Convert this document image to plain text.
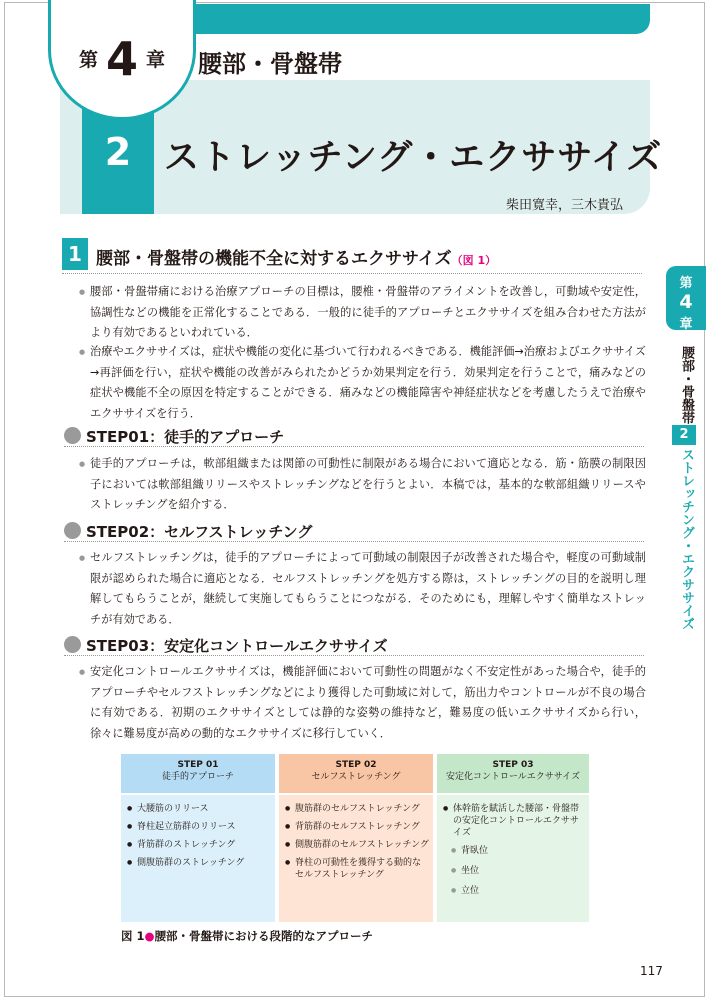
第 4 章 腰部・骨盤帯
2 ストレッチング・エクササイズ
柴田寛幸，三木貴弘
第
4
章
腰部・骨盤帯
2
ストレッチング・エクササイズ
1 腰部・骨盤帯の機能不全に対するエクササイズ（図 1）
● 腰部・骨盤帯痛における治療アプローチの目標は，腰椎・骨盤帯のアライメントを改善し，可動域や安定性，協調性などの機能を正常化することである．一般的に徒手的アプローチとエクササイズを組み合わせた方法がより有効であるといわれている．
● 治療やエクササイズは，症状や機能の変化に基づいて行われるべきである．機能評価→治療およびエクササイズ→再評価を行い，症状や機能の改善がみられたかどうか効果判定を行う．効果判定を行うことで，痛みなどの症状や機能不全の原因を特定することができる．痛みなどの機能障害や神経症状などを考慮したうえで治療やエクササイズを行う．
STEP01：徒手的アプローチ
● 徒手的アプローチは，軟部組織または関節の可動性に制限がある場合において適応となる．筋・筋膜の制限因子においては軟部組織リリースやストレッチングなどを行うとよい．本稿では，基本的な軟部組織リリースやストレッチングを紹介する．
STEP02：セルフストレッチング
● セルフストレッチングは，徒手的アプローチによって可動域の制限因子が改善された場合や，軽度の可動域制限が認められた場合に適応となる．セルフストレッチングを処方する際は，ストレッチングの目的を説明し理解してもらうことが，継続して実施してもらうことにつながる．そのためにも，理解しやすく簡単なストレッチが有効である．
STEP03：安定化コントロールエクササイズ
● 安定化コントロールエクササイズは，機能評価において可動性の問題がなく不安定性があった場合や，徒手的アプローチやセルフストレッチングなどにより獲得した可動域に対して，筋出力やコントロールが不良の場合に有効である．初期のエクササイズとしては静的な姿勢の維持など，難易度の低いエクササイズから行い，徐々に難易度が高めの動的なエクササイズに移行していく．
STEP 01
徒手的アプローチ
● 大腰筋のリリース
● 脊柱起立筋群のリリース
● 背筋群のストレッチング
● 側腹筋群のストレッチング
STEP 02
セルフストレッチング
● 腹筋群のセルフストレッチング
● 背筋群のセルフストレッチング
● 側腹筋群のセルフストレッチング
● 脊柱の可動性を獲得する動的なセルフストレッチング
STEP 03
安定化コントロールエクササイズ
● 体幹筋を賦活した腰部・骨盤帯の安定化コントロールエクササイズ
● 背臥位
● 坐位
● 立位
図 1●腰部・骨盤帯における段階的なアプローチ
117
